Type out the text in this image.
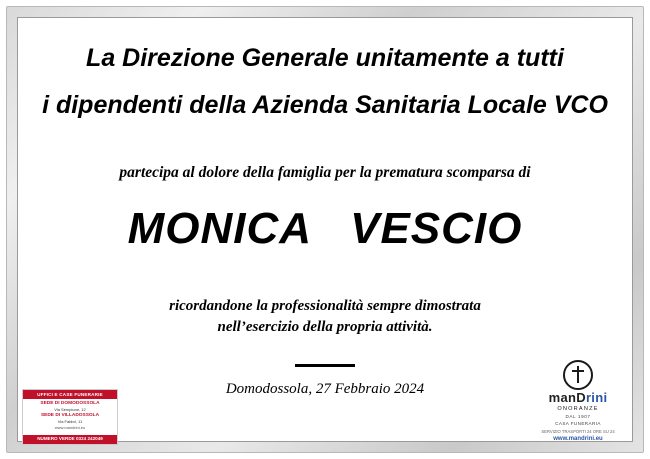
La Direzione Generale unitamente a tutti
i dipendenti della Azienda Sanitaria Locale VCO
partecipa al dolore della famiglia per la prematura scomparsa di
MONICA   VESCIO
ricordandone la professionalità sempre dimostrata
nell’esercizio della propria attività.
Domodossola, 27 Febbraio 2024
UFFICI E CASE FUNERARIE
SEDE DI DOMODOSSOLA
Via Sempione, 12
SEDE DI VILLADOSSOLA
Via Fabbri, 11
www.mandrini.eu
NUMERO VERDE 0324 242049
manDrini
ONORANZE
DAL 1907
CASA FUNERARIA
SERVIZIO TRASPORTI 24 ORE SU 24
www.mandrini.eu
